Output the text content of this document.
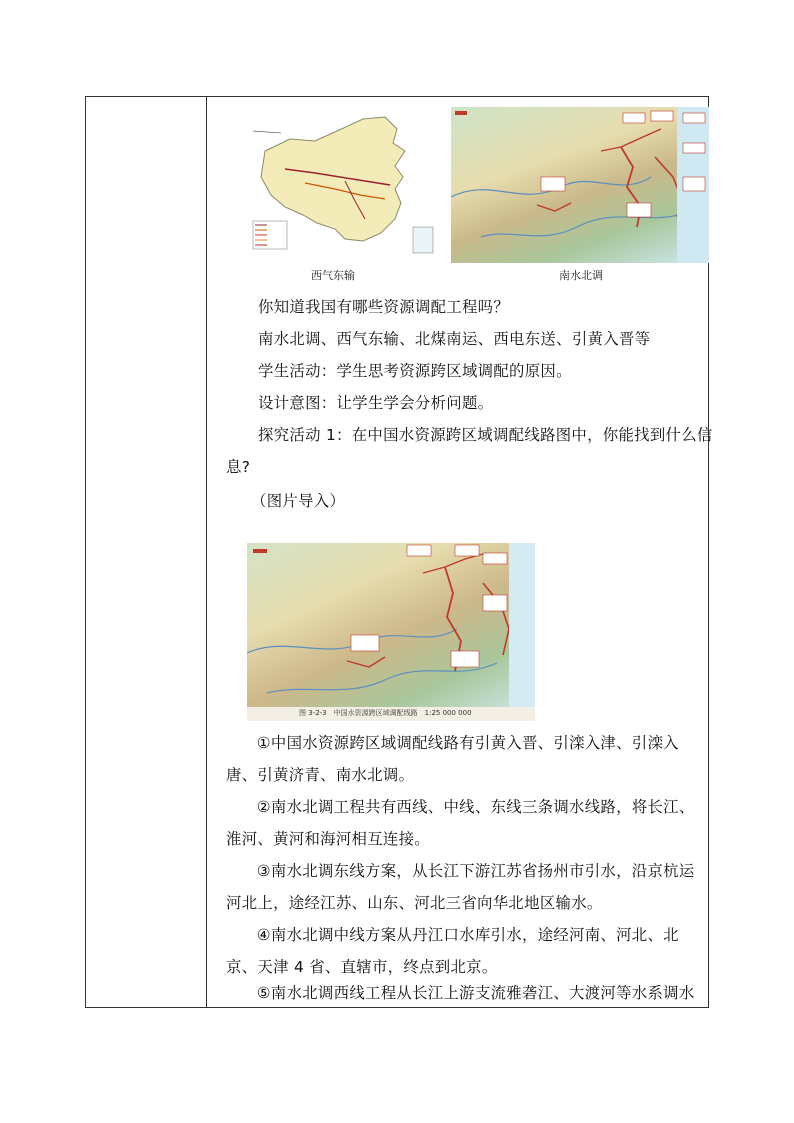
西气东输	南水北调
你知道我国有哪些资源调配工程吗？
南水北调、西气东输、北煤南运、西电东送、引黄入晋等
学生活动：学生思考资源跨区域调配的原因。
设计意图：让学生学会分析问题。
探究活动 1：在中国水资源跨区域调配线路图中，你能找到什么信
息?
（图片导入）
图 3-2-3　中国水资源跨区域调配线路　1:25 000 000
①中国水资源跨区域调配线路有引黄入晋、引滦入津、引滦入唐、引黄济青、南水北调。
②南水北调工程共有西线、中线、东线三条调水线路，将长江、淮河、黄河和海河相互连接。
③南水北调东线方案，从长江下游江苏省扬州市引水，沿京杭运河北上，途经江苏、山东、河北三省向华北地区输水。
④南水北调中线方案从丹江口水库引水，途经河南、河北、北京、天津 4 省、直辖市，终点到北京。
⑤南水北调西线工程从长江上游支流雅砻江、大渡河等水系调水
